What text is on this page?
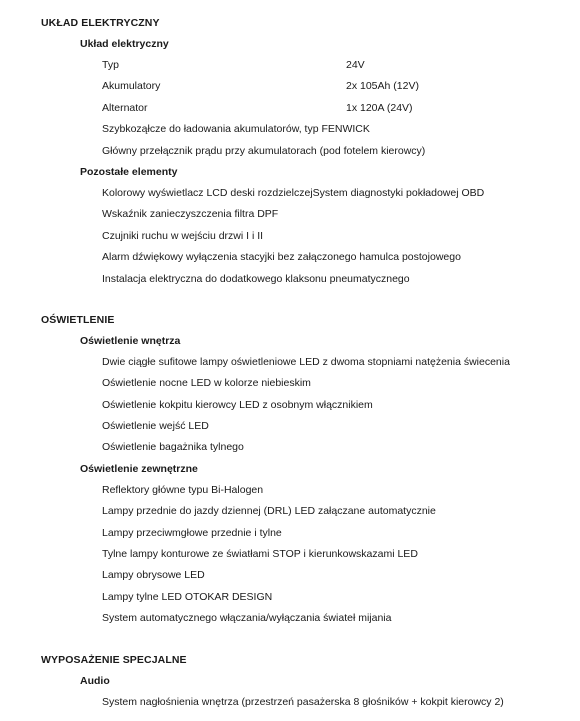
UKŁAD ELEKTRYCZNY
Układ elektryczny
Typ	24V
Akumulatory	2x 105Ah (12V)
Alternator	1x 120A (24V)
Szybkoząłcze do ładowania akumulatorów, typ FENWICK
Główny przełącznik prądu przy akumulatorach (pod fotelem kierowcy)
Pozostałe elementy
Kolorowy wyświetlacz LCD deski rozdzielczejSystem diagnostyki pokładowej OBD
Wskaźnik zanieczyszczenia filtra DPF
Czujniki ruchu w wejściu drzwi I i II
Alarm dźwiękowy wyłączenia stacyjki bez załączonego hamulca postojowego
Instalacja elektryczna do dodatkowego klaksonu pneumatycznego
OŚWIETLENIE
Oświetlenie wnętrza
Dwie ciągłe sufitowe lampy oświetleniowe LED z dwoma stopniami natężenia świecenia
Oświetlenie nocne LED w kolorze niebieskim
Oświetlenie kokpitu kierowcy LED z osobnym włącznikiem
Oświetlenie wejść LED
Oświetlenie bagażnika tylnego
Oświetlenie zewnętrzne
Reflektory główne typu Bi-Halogen
Lampy przednie do jazdy dziennej (DRL) LED załączane automatycznie
Lampy przeciwmgłowe przednie i tylne
Tylne lampy konturowe ze światłami STOP i kierunkowskazami LED
Lampy obrysowe LED
Lampy tylne LED OTOKAR DESIGN
System automatycznego włączania/wyłączania świateł mijania
WYPOSAŻENIE SPECJALNE
Audio
System nagłośnienia wnętrza (przestrzeń pasażerska 8 głośników + kokpit kierowcy 2)
